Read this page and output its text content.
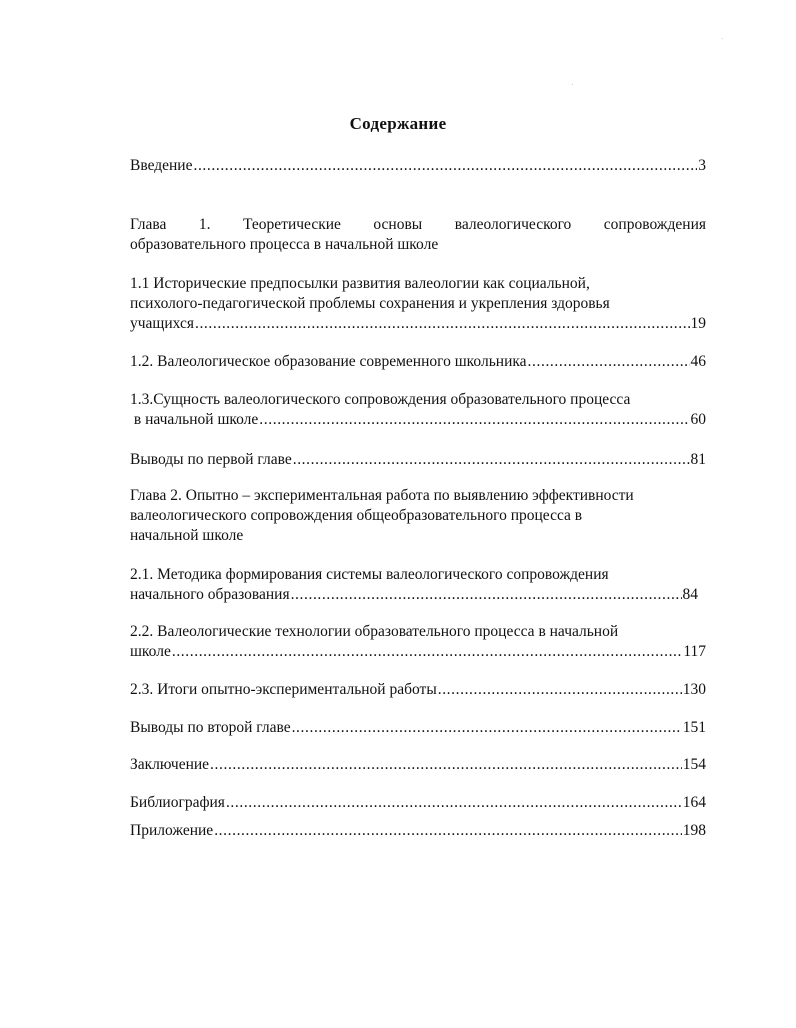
Содержание
Введение .....	3
Глава 1. Теоретические основы валеологического сопровождения
образовательного процесса в начальной школе
1.1 Исторические предпосылки развития валеологии как социальной,
психолого-педагогической проблемы сохранения и укрепления здоровья
учащихся .....	19
1.2. Валеологическое образование современного школьника .....	46
1.3.Сущность валеологического сопровождения образовательного процесса
в начальной школе .....	60
Выводы по первой главе .....	81
Глава 2. Опытно – экспериментальная работа по выявлению эффективности
валеологического сопровождения общеобразовательного процесса в
начальной школе
2.1. Методика формирования системы валеологического сопровождения
начального образования .....	84
2.2. Валеологические технологии образовательного процесса в начальной
школе .....	117
2.3. Итоги опытно-экспериментальной работы .....	130
Выводы по второй главе .....	151
Заключение .....	154
Библиография .....	164
Приложение .....	198
